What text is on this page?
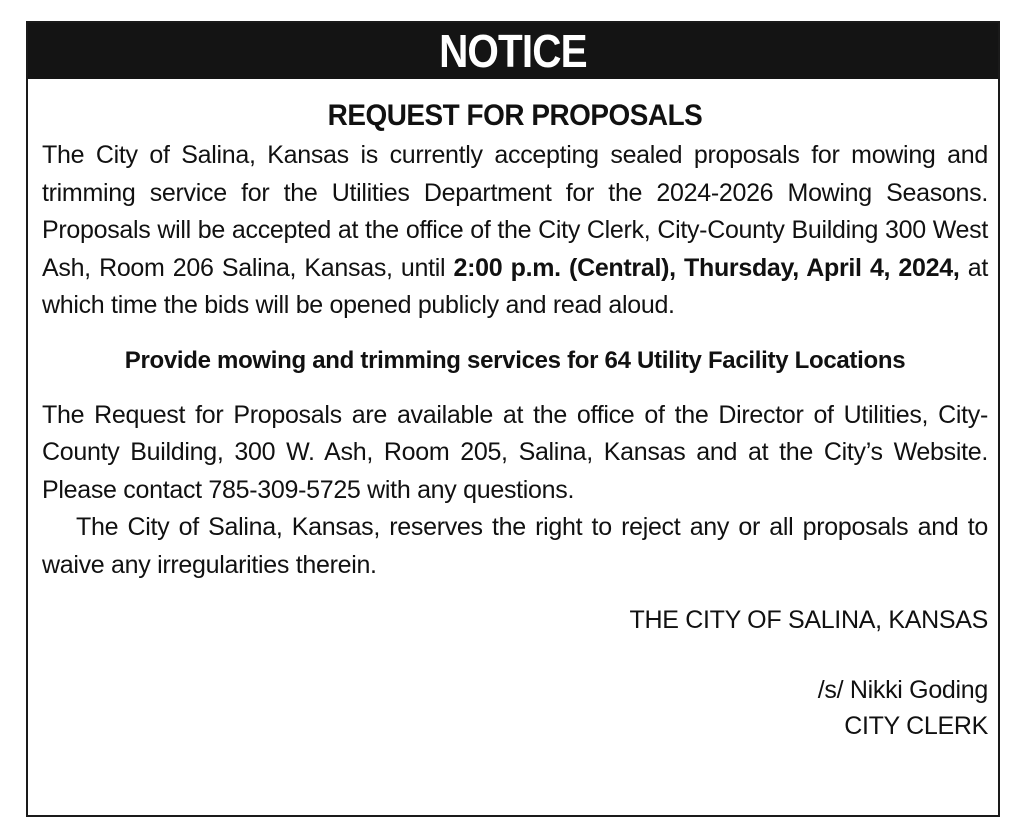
NOTICE
REQUEST FOR PROPOSALS

The City of Salina, Kansas is currently accepting sealed proposals for mowing and trimming service for the Utilities Department for the 2024-2026 Mowing Seasons. Proposals will be accepted at the office of the City Clerk, City-County Building 300 West Ash, Room 206 Salina, Kansas, until 2:00 p.m. (Central), Thursday, April 4, 2024, at which time the bids will be opened publicly and read aloud.

Provide mowing and trimming services for 64 Utility Facility Locations

The Request for Proposals are available at the office of the Director of Utilities, City-County Building, 300 W. Ash, Room 205, Salina, Kansas and at the City’s Website. Please contact 785-309-5725 with any questions.

The City of Salina, Kansas, reserves the right to reject any or all proposals and to waive any irregularities therein.

THE CITY OF SALINA, KANSAS
/s/ Nikki Goding
CITY CLERK
